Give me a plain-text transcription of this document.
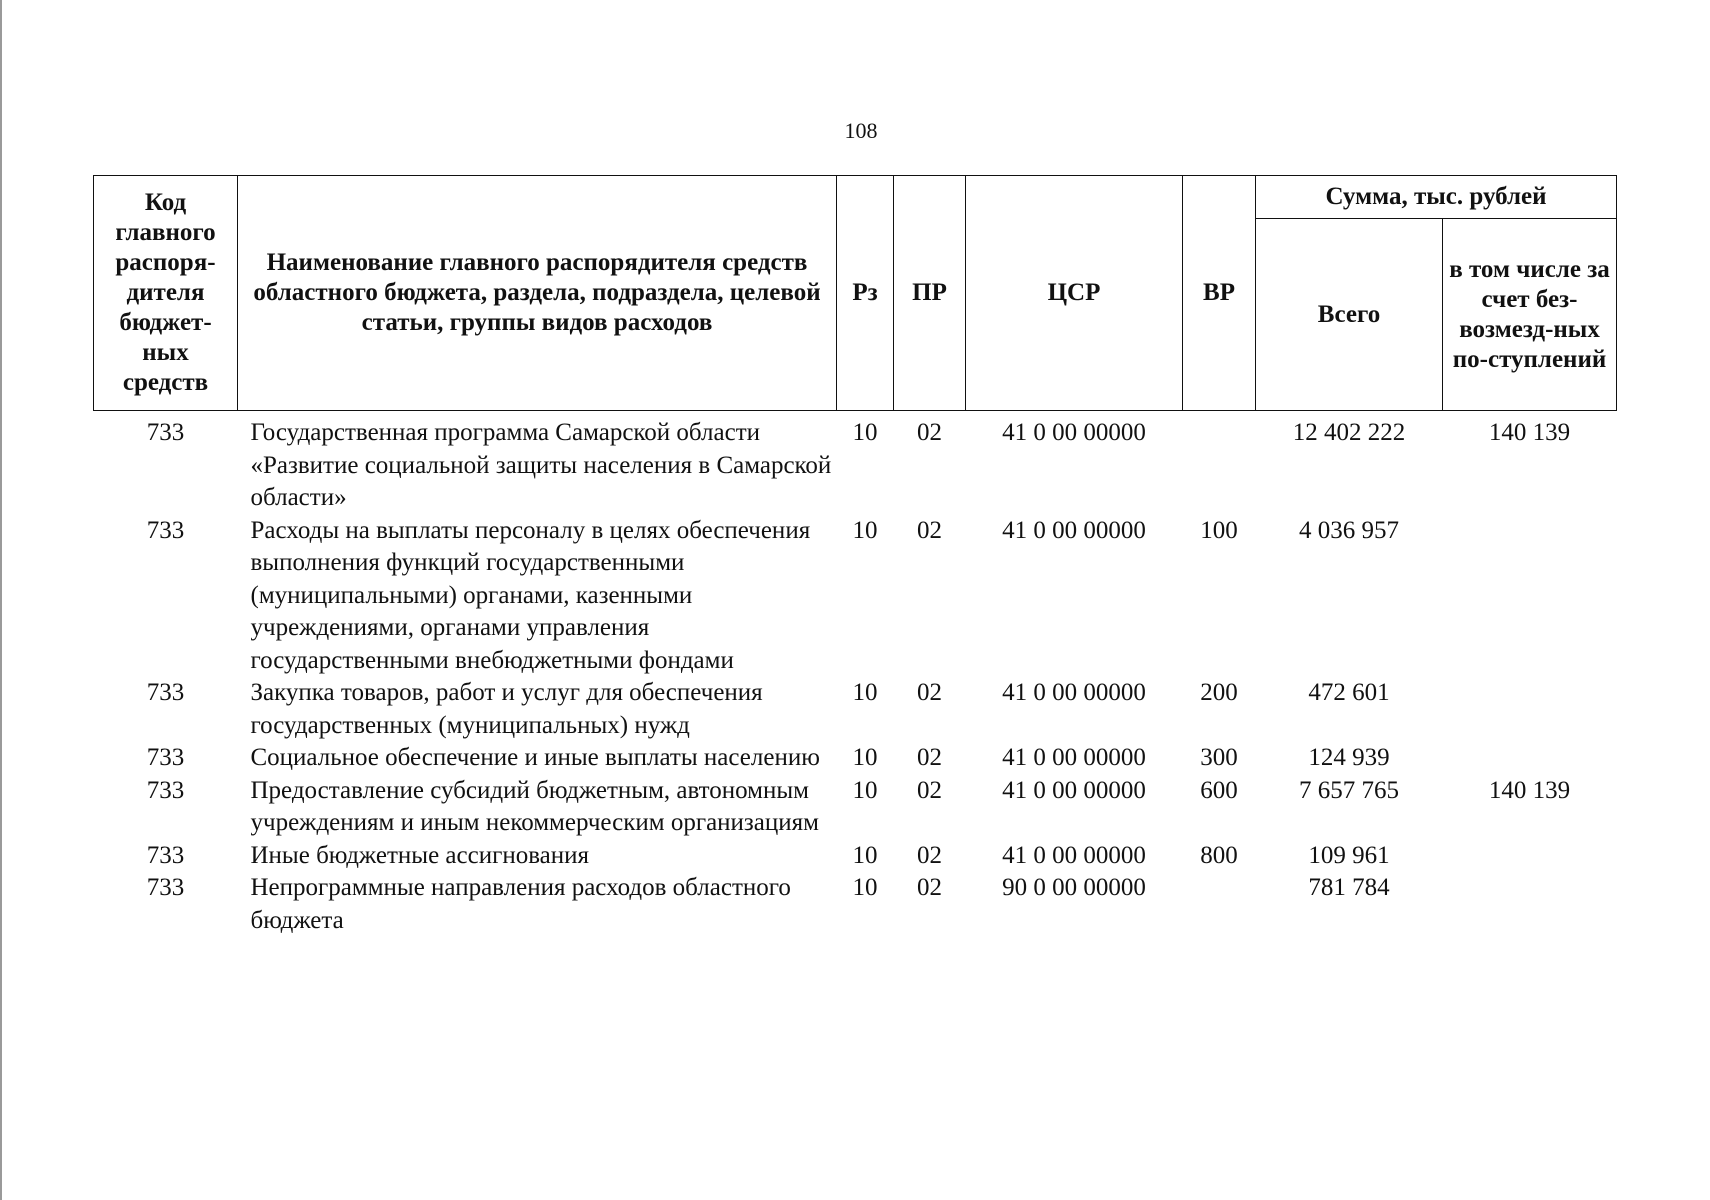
108
Код главного распоря-дителя бюджет-ных средств	Наименование главного распорядителя средств областного бюджета, раздела, подраздела, целевой статьи, группы видов расходов	Рз	ПР	ЦСР	ВР	Сумма, тыс. рублей	
						Всего	в том числе за счет без-возмезд-ных по-ступлений
733	Государственная программа Самарской области «Развитие социальной защиты населения в Самарской области»	10	02	41 0 00 00000		12 402 222	140 139
733	Расходы на выплаты персоналу в целях обеспечения выполнения функций государственными (муниципальными) органами, казенными учреждениями, органами управления государственными внебюджетными фондами	10	02	41 0 00 00000	100	4 036 957	
733	Закупка товаров, работ и услуг для обеспечения государственных (муниципальных) нужд	10	02	41 0 00 00000	200	472 601	
733	Социальное обеспечение и иные выплаты населению	10	02	41 0 00 00000	300	124 939	
733	Предоставление субсидий бюджетным, автономным учреждениям и иным некоммерческим организациям	10	02	41 0 00 00000	600	7 657 765	140 139
733	Иные бюджетные ассигнования	10	02	41 0 00 00000	800	109 961	
733	Непрограммные направления расходов областного бюджета	10	02	90 0 00 00000		781 784	
